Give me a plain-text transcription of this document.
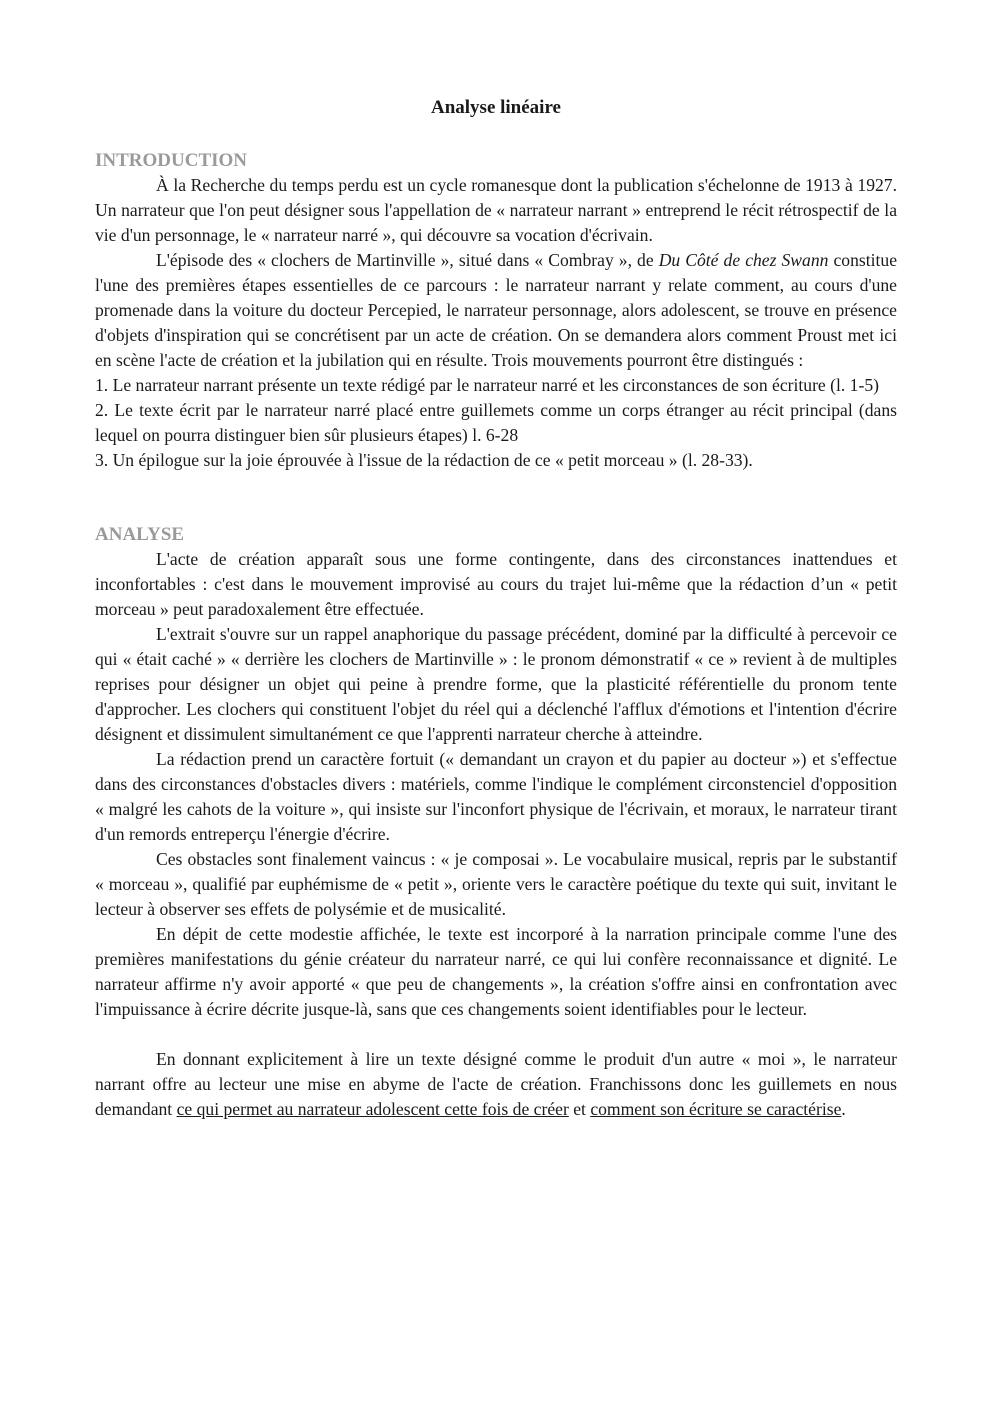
Analyse linéaire
INTRODUCTION

À la Recherche du temps perdu est un cycle romanesque dont la publication s'échelonne de 1913 à 1927. Un narrateur que l'on peut désigner sous l'appellation de « narrateur narrant » entreprend le récit rétrospectif de la vie d'un personnage, le « narrateur narré », qui découvre sa vocation d'écrivain.

L'épisode des « clochers de Martinville », situé dans « Combray », de Du Côté de chez Swann constitue l'une des premières étapes essentielles de ce parcours : le narrateur narrant y relate comment, au cours d'une promenade dans la voiture du docteur Percepied, le narrateur personnage, alors adolescent, se trouve en présence d'objets d'inspiration qui se concrétisent par un acte de création. On se demandera alors comment Proust met ici en scène l'acte de création et la jubilation qui en résulte. Trois mouvements pourront être distingués :

1. Le narrateur narrant présente un texte rédigé par le narrateur narré et les circonstances de son écriture (l. 1-5)

2. Le texte écrit par le narrateur narré placé entre guillemets comme un corps étranger au récit principal (dans lequel on pourra distinguer bien sûr plusieurs étapes) l. 6-28

3. Un épilogue sur la joie éprouvée à l'issue de la rédaction de ce « petit morceau » (l. 28-33).

ANALYSE

L'acte de création apparaît sous une forme contingente, dans des circonstances inattendues et inconfortables : c'est dans le mouvement improvisé au cours du trajet lui-même que la rédaction d’un « petit morceau » peut paradoxalement être effectuée.

L'extrait s'ouvre sur un rappel anaphorique du passage précédent, dominé par la difficulté à percevoir ce qui « était caché » « derrière les clochers de Martinville » : le pronom démonstratif « ce » revient à de multiples reprises pour désigner un objet qui peine à prendre forme, que la plasticité référentielle du pronom tente d'approcher. Les clochers qui constituent l'objet du réel qui a déclenché l'afflux d'émotions et l'intention d'écrire désignent et dissimulent simultanément ce que l'apprenti narrateur cherche à atteindre.

La rédaction prend un caractère fortuit (« demandant un crayon et du papier au docteur ») et s'effectue dans des circonstances d'obstacles divers : matériels, comme l'indique le complément circonstenciel d'opposition « malgré les cahots de la voiture », qui insiste sur l'inconfort physique de l'écrivain, et moraux, le narrateur tirant d'un remords entreperçu l'énergie d'écrire.

Ces obstacles sont finalement vaincus : « je composai ». Le vocabulaire musical, repris par le substantif « morceau », qualifié par euphémisme de « petit », oriente vers le caractère poétique du texte qui suit, invitant le lecteur à observer ses effets de polysémie et de musicalité.

En dépit de cette modestie affichée, le texte est incorporé à la narration principale comme l'une des premières manifestations du génie créateur du narrateur narré, ce qui lui confère reconnaissance et dignité. Le narrateur affirme n'y avoir apporté « que peu de changements », la création s'offre ainsi en confrontation avec l'impuissance à écrire décrite jusque-là, sans que ces changements soient identifiables pour le lecteur.

En donnant explicitement à lire un texte désigné comme le produit d'un autre « moi », le narrateur narrant offre au lecteur une mise en abyme de l'acte de création. Franchissons donc les guillemets en nous demandant ce qui permet au narrateur adolescent cette fois de créer et comment son écriture se caractérise.
